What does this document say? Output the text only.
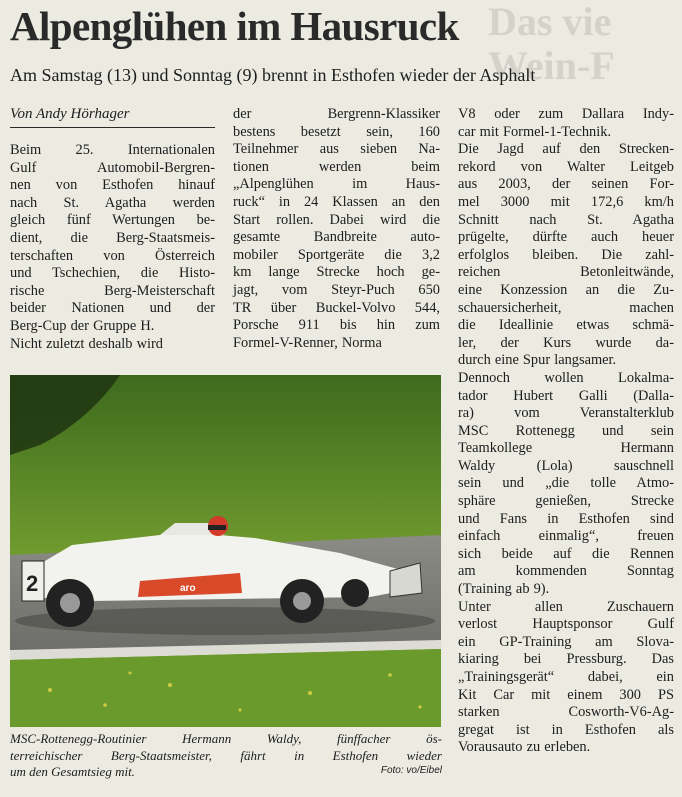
Das vie
Wein-F
Alpenglühen im Hausruck
Am Samstag (13) und Sonntag (9) brennt in Esthofen wieder der Asphalt
Von Andy Hörhager

Beim 25. Internationalen
Gulf Automobil-Bergren-
nen von Esthofen hinauf
nach St. Agatha werden
gleich fünf Wertungen be-
dient, die Berg-Staatsmeis-
terschaften von Österreich
und Tschechien, die Histo-
rische Berg-Meisterschaft
beider Nationen und der
Berg-Cup der Gruppe H.
Nicht zuletzt deshalb wird

der Bergrenn-Klassiker
bestens besetzt sein, 160
Teilnehmer aus sieben Na-
tionen werden beim
„Alpenglühen im Haus-
ruck“ in 24 Klassen an den
Start rollen. Dabei wird die
gesamte Bandbreite auto-
mobiler Sportgeräte die 3,2
km lange Strecke hoch ge-
jagt, vom Steyr-Puch 650
TR über Buckel-Volvo 544,
Porsche 911 bis hin zum
Formel-V-Renner, Norma

V8 oder zum Dallara Indy-
car mit Formel-1-Technik.
Die Jagd auf den Strecken-
rekord von Walter Leitgeb
aus 2003, der seinen For-
mel 3000 mit 172,6 km/h
Schnitt nach St. Agatha
prügelte, dürfte auch heuer
erfolglos bleiben. Die zahl-
reichen Betonleitwände,
eine Konzession an die Zu-
schauersicherheit, machen
die Ideallinie etwas schmä-
ler, der Kurs wurde da-
durch eine Spur langsamer.
Dennoch wollen Lokalma-
tador Hubert Galli (Dalla-
ra) vom Veranstalterklub
MSC Rottenegg und sein
Teamkollege Hermann
Waldy (Lola) sauschnell
sein und „die tolle Atmo-
sphäre genießen, Strecke
und Fans in Esthofen sind
einfach einmalig“, freuen
sich beide auf die Rennen
am kommenden Sonntag
(Training ab 9).
Unter allen Zuschauern
verlost Hauptsponsor Gulf
ein GP-Training am Slova-
kiaring bei Pressburg. Das
„Trainingsgerät“ dabei, ein
Kit Car mit einem 300 PS
starken Cosworth-V6-Ag-
gregat ist in Esthofen als
Vorausauto zu erleben.

2	aro
MSC-Rottenegg-Routinier Hermann Waldy, fünffacher ös-
terreichischer Berg-Staatsmeister, fährt in Esthofen wieder
um den Gesamtsieg mit.	Foto: vo/Eibel
